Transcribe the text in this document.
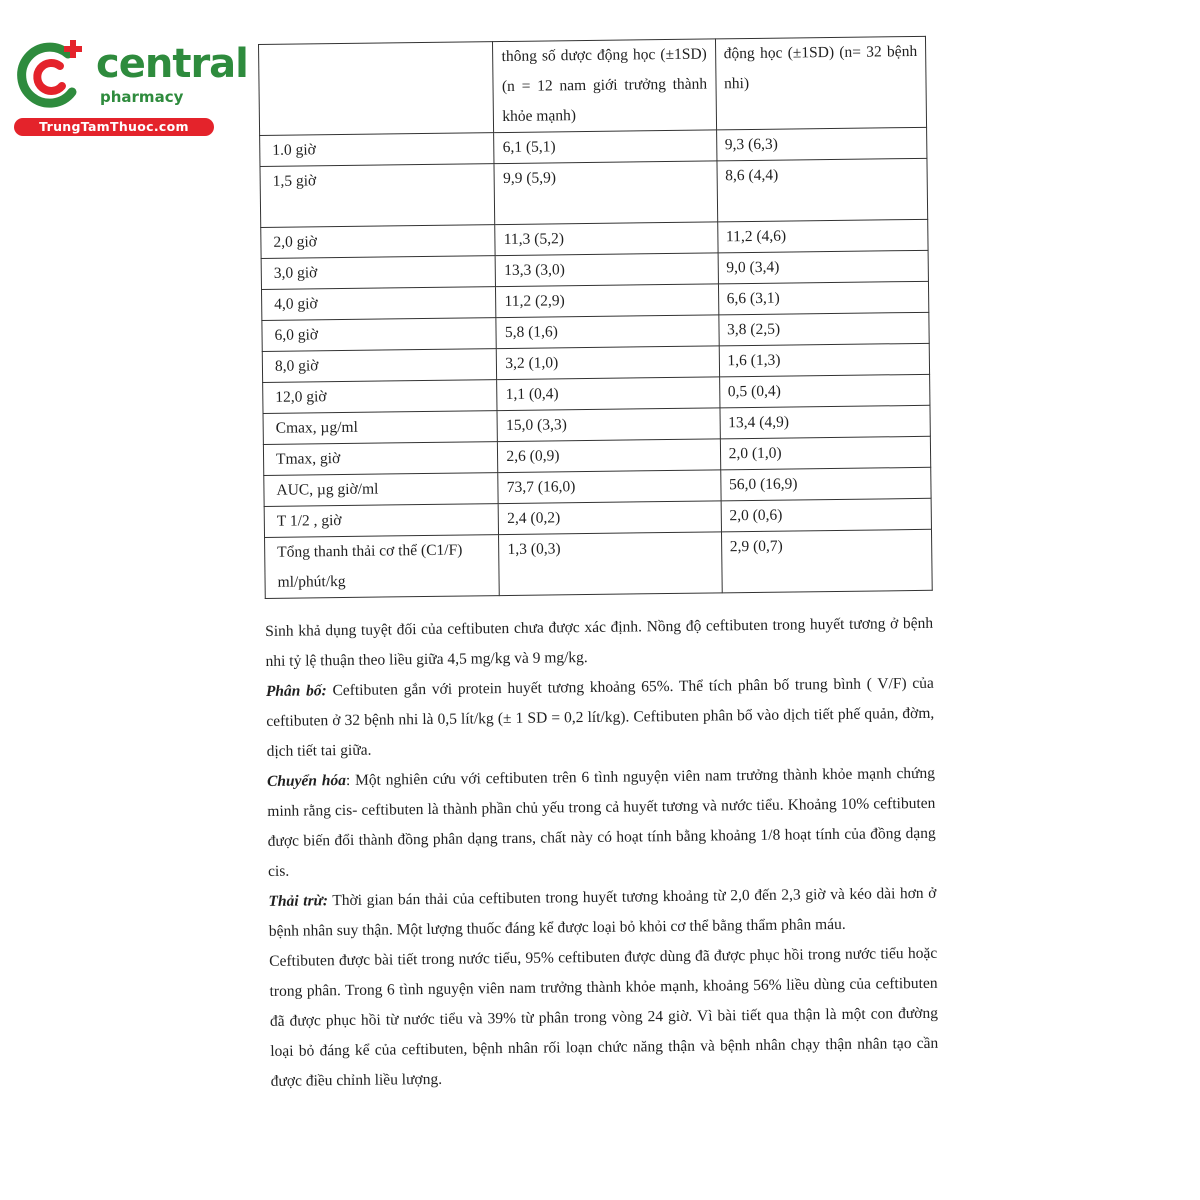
central
pharmacy
TrungTamThuoc.com
	thông số dược động học (±1SD) (n = 12 nam giới trưởng thành khỏe mạnh)	động học (±1SD) (n= 32 bệnh nhi)
1.0 giờ	6,1 (5,1)	9,3 (6,3)
1,5 giờ	9,9 (5,9)	8,6 (4,4)
2,0 giờ	11,3 (5,2)	11,2 (4,6)
3,0 giờ	13,3 (3,0)	9,0 (3,4)
4,0 giờ	11,2 (2,9)	6,6 (3,1)
6,0 giờ	5,8 (1,6)	3,8 (2,5)
8,0 giờ	3,2 (1,0)	1,6 (1,3)
12,0 giờ	1,1 (0,4)	0,5 (0,4)
Cmax, µg/ml	15,0 (3,3)	13,4 (4,9)
Tmax, giờ	2,6 (0,9)	2,0 (1,0)
AUC, µg giờ/ml	73,7 (16,0)	56,0 (16,9)
T 1/2 , giờ	2,4 (0,2)	2,0 (0,6)
Tổng thanh thải cơ thể (C1/F) ml/phút/kg	1,3 (0,3)	2,9 (0,7)

Sinh khả dụng tuyệt đối của ceftibuten chưa được xác định. Nồng độ ceftibuten trong huyết tương ở bệnh nhi tỷ lệ thuận theo liều giữa 4,5 mg/kg và 9 mg/kg.

Phân bố: Ceftibuten gắn với protein huyết tương khoảng 65%. Thể tích phân bố trung bình ( V/F) của ceftibuten ở 32 bệnh nhi là 0,5 lít/kg (± 1 SD = 0,2 lít/kg). Ceftibuten phân bổ vào dịch tiết phế quản, đờm, dịch tiết tai giữa.

Chuyển hóa: Một nghiên cứu với ceftibuten trên 6 tình nguyện viên nam trưởng thành khỏe mạnh chứng minh rằng cis- ceftibuten là thành phần chủ yếu trong cả huyết tương và nước tiểu. Khoảng 10% ceftibuten được biến đổi thành đồng phân dạng trans, chất này có hoạt tính bằng khoảng 1/8 hoạt tính của đồng dạng cis.

Thải trừ: Thời gian bán thải của ceftibuten trong huyết tương khoảng từ 2,0 đến 2,3 giờ và kéo dài hơn ở bệnh nhân suy thận. Một lượng thuốc đáng kể được loại bỏ khỏi cơ thể bằng thẩm phân máu.

Ceftibuten được bài tiết trong nước tiểu, 95% ceftibuten được dùng đã được phục hồi trong nước tiểu hoặc trong phân. Trong 6 tình nguyện viên nam trưởng thành khỏe mạnh, khoảng 56% liều dùng của ceftibuten đã được phục hồi từ nước tiểu và 39% từ phân trong vòng 24 giờ. Vì bài tiết qua thận là một con đường loại bỏ đáng kể của ceftibuten, bệnh nhân rối loạn chức năng thận và bệnh nhân chạy thận nhân tạo cần được điều chỉnh liều lượng.
